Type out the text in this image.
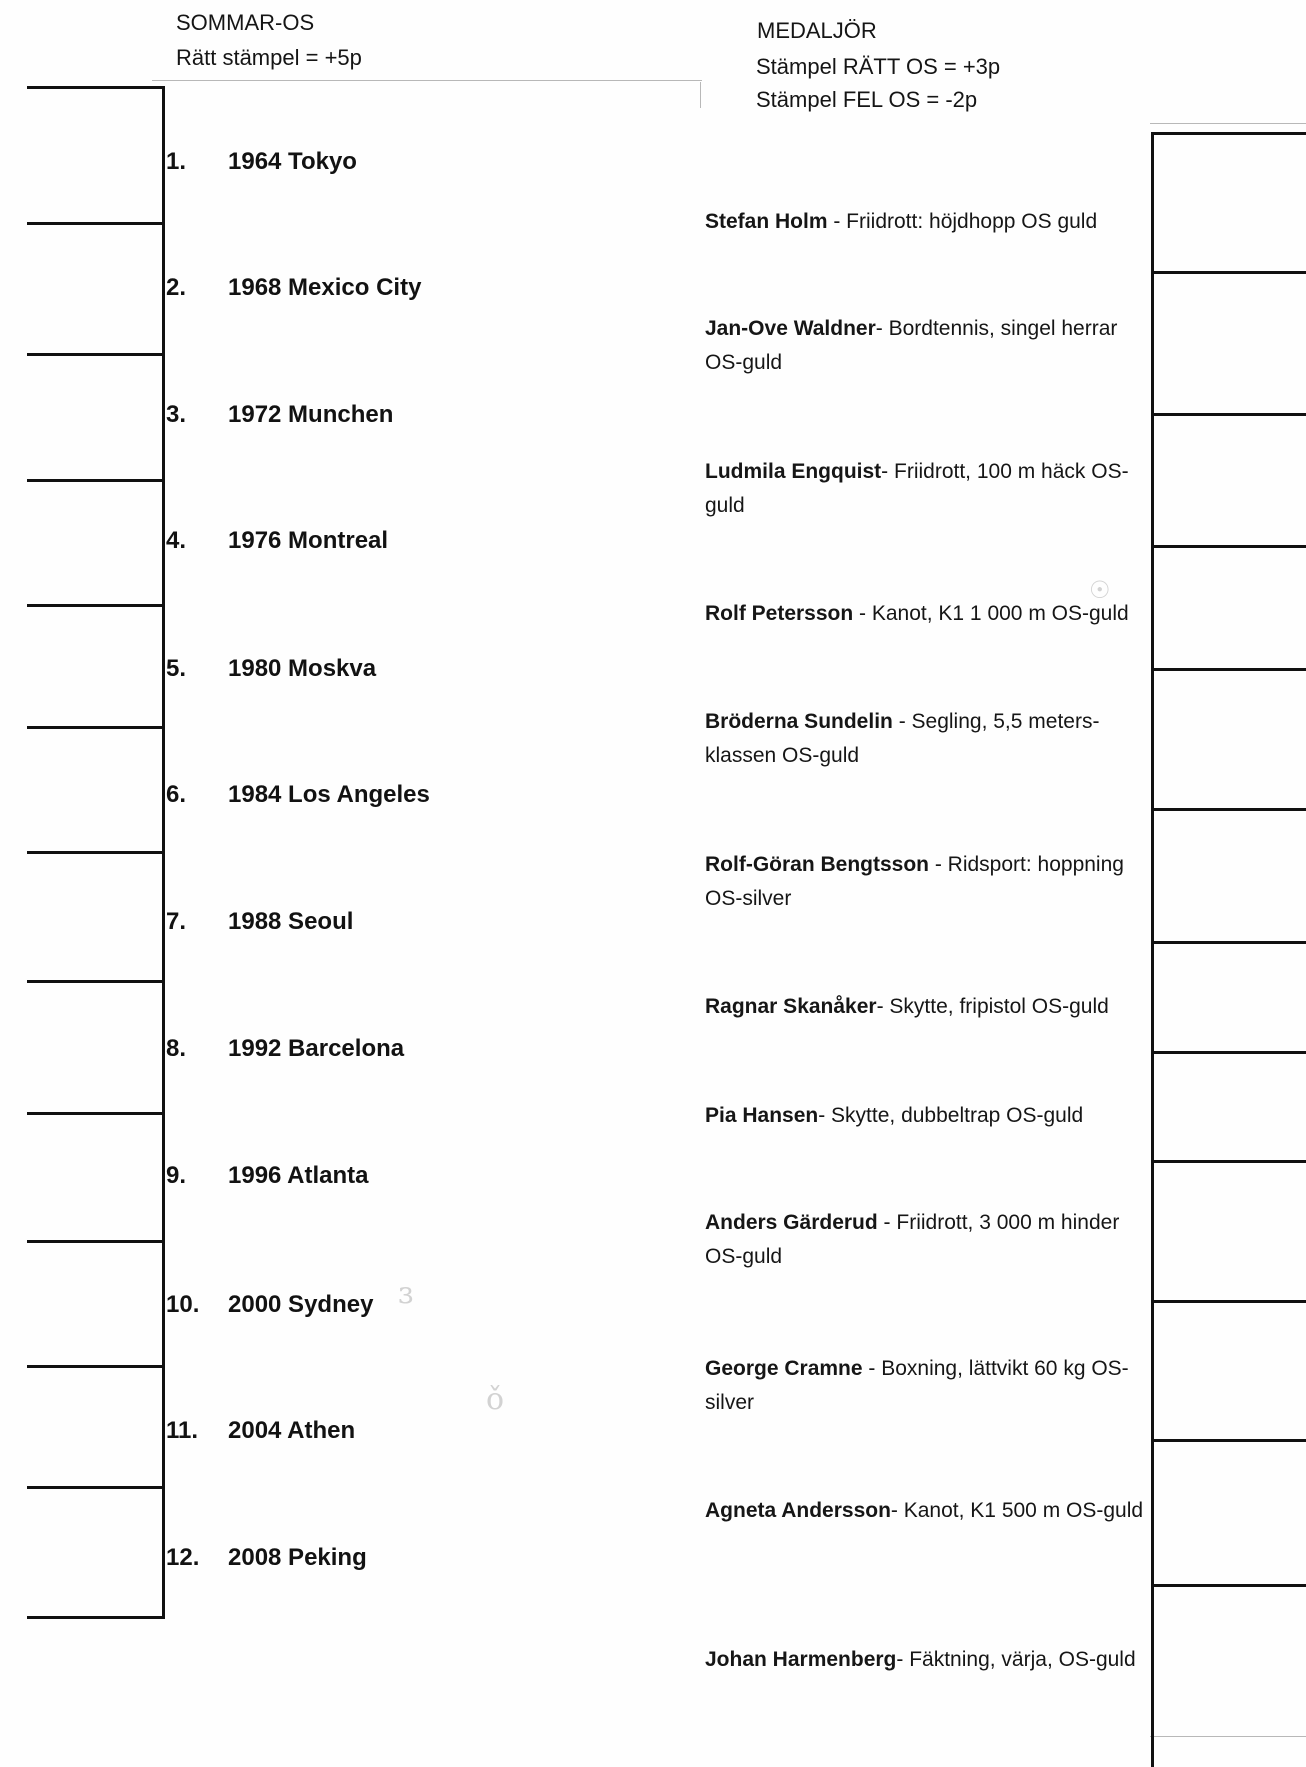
SOMMAR-OS
Rätt stämpel = +5p
MEDALJÖR
Stämpel RÄTT OS = +3p
Stämpel FEL OS = -2p
1. 1964 Tokyo
2.1968 Mexico City
3. 1972 Munchen
4. 1976 Montreal
5. 1980 Moskva
6. 1984 Los Angeles
7. 1988 Seoul
8. 1992 Barcelona
9. 1996 Atlanta
10. 2000 Sydney
11. 2004 Athen
12. 2008 Peking
Stefan Holm - Friidrott: höjdhopp OS guld
Jan-Ove Waldner- Bordtennis, singel herrar OS-guld
Ludmila Engquist- Friidrott, 100 m häck OS-guld
Rolf Petersson - Kanot, K1 1 000 m OS-guld
Bröderna Sundelin - Segling, 5,5 meters-klassen OS-guld
Rolf-Göran Bengtsson - Ridsport: hoppning OS-silver
Ragnar Skanåker- Skytte, fripistol OS-guld
Pia Hansen- Skytte, dubbeltrap OS-guld
Anders Gärderud - Friidrott, 3 000 m hinder OS-guld
George Cramne - Boxning, lättvikt 60 kg OS-silver
Agneta Andersson- Kanot, K1 500 m OS-guld
Johan Harmenberg- Fäktning, värja, OS-guld
ɜ
ǒ
☉
